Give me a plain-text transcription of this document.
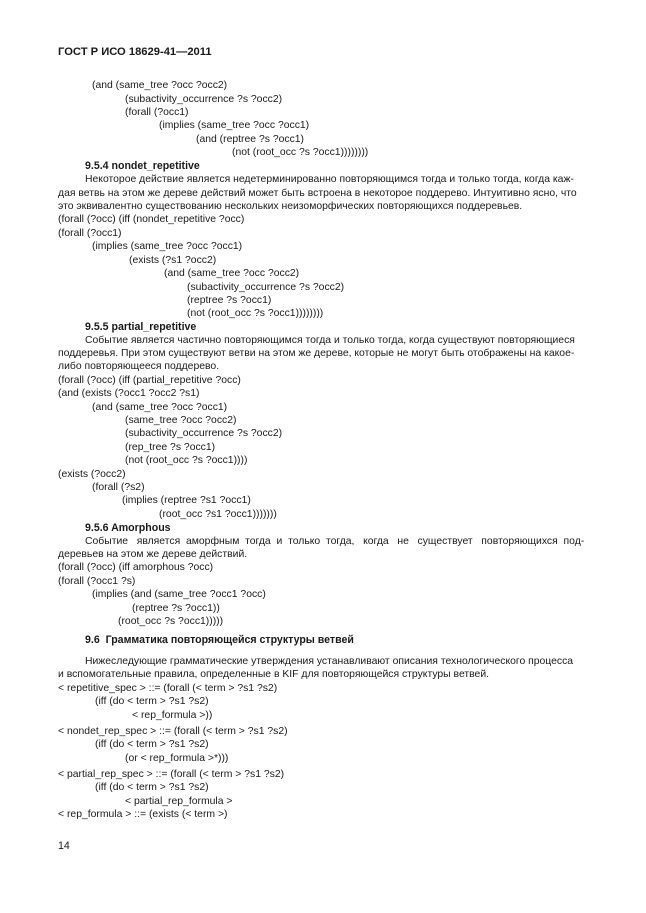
ГОСТ Р ИСО 18629-41—2011
(and (same_tree ?occ ?occ2)
(subactivity_occurrence ?s ?occ2)
(forall (?occ1)
(implies (same_tree ?occ ?occ1)
(and (reptree ?s ?occ1)
(not (root_occ ?s ?occ1))))))))
9.5.4 nondet_repetitive
Некоторое действие является недетерминированно повторяющимся тогда и только тогда, когда каж-
дая ветвь на этом же дереве действий может быть встроена в некоторое поддерево. Интуитивно ясно, что
это эквивалентно существованию нескольких неизоморфических повторяющихся поддеревьев.
(forall (?occ) (iff (nondet_repetitive ?occ)
(forall (?occ1)
(implies (same_tree ?occ ?occ1)
(exists (?s1 ?occ2)
(and (same_tree ?occ ?occ2)
(subactivity_occurrence ?s ?occ2)
(reptree ?s ?occ1)
(not (root_occ ?s ?occ1))))))))
9.5.5 partial_repetitive
Событие является частично повторяющимся тогда и только тогда, когда существуют повторяющиеся
поддеревья. При этом существуют ветви на этом же дереве, которые не могут быть отображены на какое-
либо повторяющееся поддерево.
(forall (?occ) (iff (partial_repetitive ?occ)
(and (exists (?occ1 ?occ2 ?s1)
(and (same_tree ?occ ?occ1)
(same_tree ?occ ?occ2)
(subactivity_occurrence ?s ?occ2)
(rep_tree ?s ?occ1)
(not (root_occ ?s ?occ1))))
(exists (?occ2)
(forall (?s2)
(implies (reptree ?s1 ?occ1)
(root_occ ?s1 ?occ1)))))))
9.5.6 Amorphous
Событие   является  аморфным  тогда  и  только  тогда,   когда   не   существует   повторяющихся  под-
деревьев на этом же дереве действий.
(forall (?occ) (iff amorphous ?occ)
(forall (?occ1 ?s)
(implies (and (same_tree ?occ1 ?occ)
(reptree ?s ?occ1))
(root_occ ?s ?occ1)))))
9.6  Грамматика повторяющейся структуры ветвей
Нижеследующие грамматические утверждения устанавливают описания технологического процесса
и вспомогательные правила, определенные в KIF для повторяющейся структуры ветвей.
< repetitive_spec > ::= (forall (< term > ?s1 ?s2)
(iff (do < term > ?s1 ?s2)
< rep_formula >))
< nondet_rep_spec > ::= (forall (< term > ?s1 ?s2)
(iff (do < term > ?s1 ?s2)
(or < rep_formula >*)))
< partial_rep_spec > ::= (forall (< term > ?s1 ?s2)
(iff (do < term > ?s1 ?s2)
< partial_rep_formula >
< rep_formula > ::= (exists (< term >)
14
